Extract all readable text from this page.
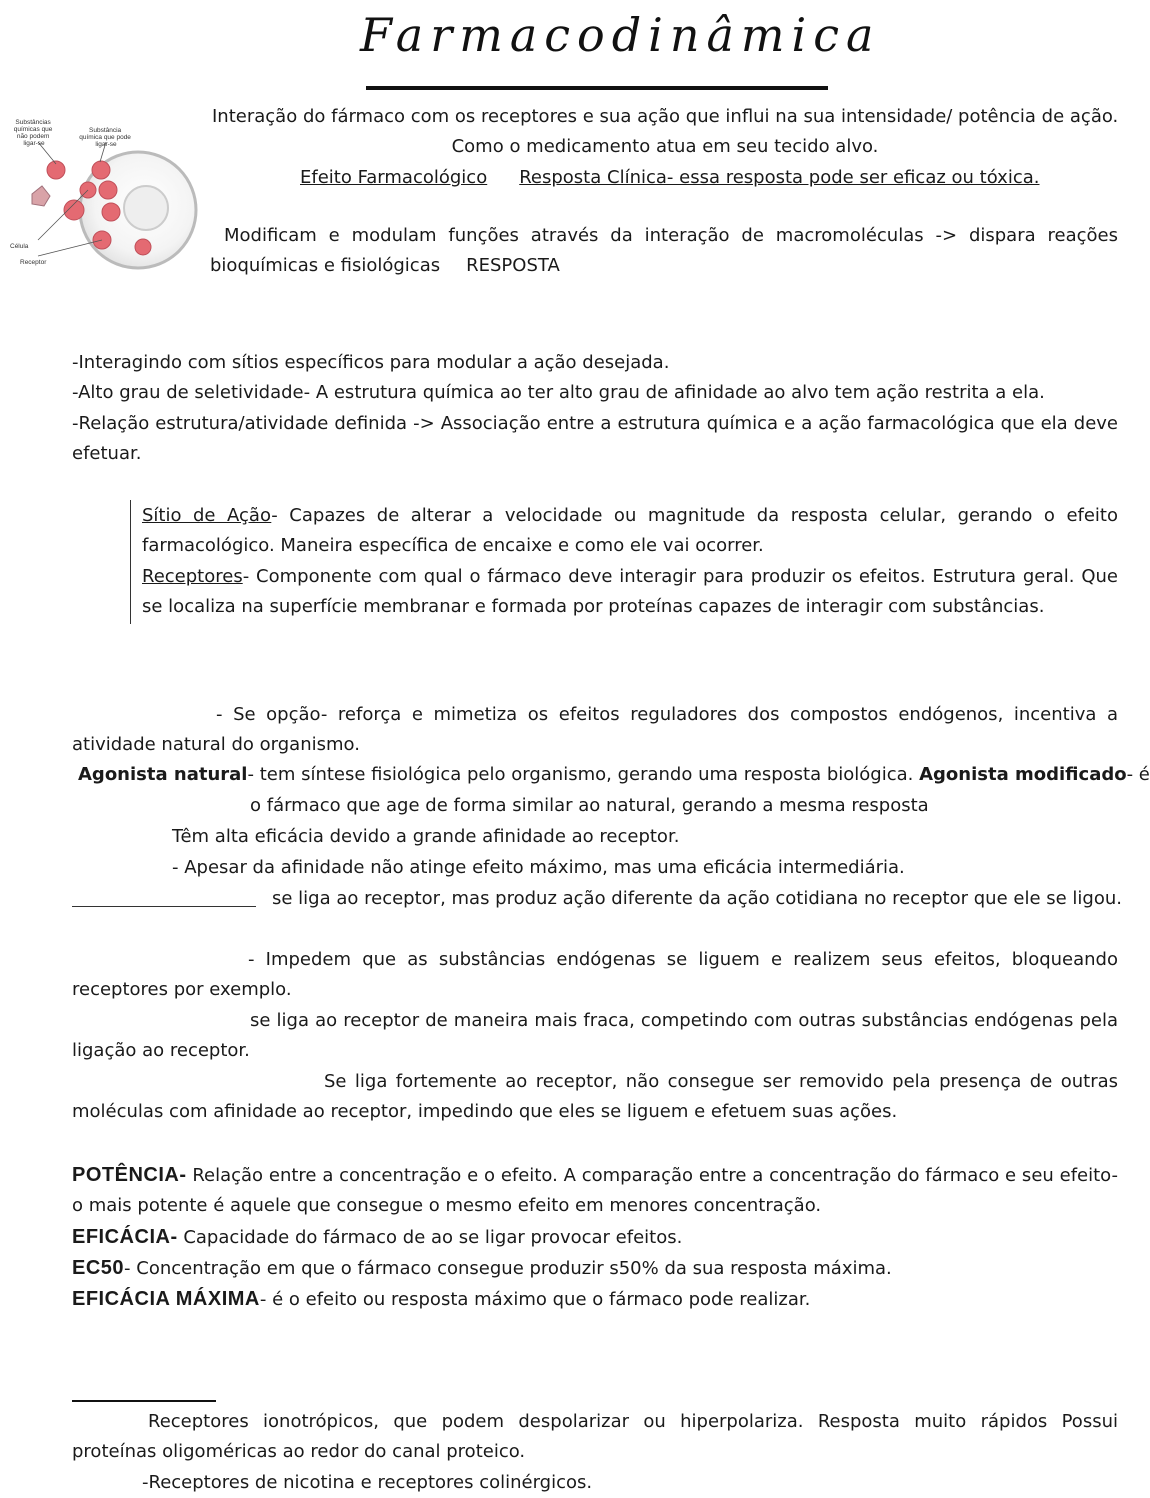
Farmacodinâmica
Substâncias químicas que não podem ligar-se
Substância química que pode ligar-se
Célula
Receptor
Interação do fármaco com os receptores e sua ação que influi na sua intensidade/ potência de ação.
Como o medicamento atua em seu tecido alvo.
Efeito Farmacológico Resposta Clínica- essa resposta pode ser eficaz ou tóxica.
Modificam e modulam funções através da interação de macromoléculas -> dispara reações bioquímicas e fisiológicas RESPOSTA
-Interagindo com sítios específicos para modular a ação desejada.
-Alto grau de seletividade- A estrutura química ao ter alto grau de afinidade ao alvo tem ação restrita a ela.
-Relação estrutura/atividade definida -> Associação entre a estrutura química e a ação farmacológica que ela deve efetuar.
Sítio de Ação- Capazes de alterar a velocidade ou magnitude da resposta celular, gerando o efeito farmacológico. Maneira específica de encaixe e como ele vai ocorrer.
Receptores- Componente com qual o fármaco deve interagir para produzir os efeitos. Estrutura geral. Que se localiza na superfície membranar e formada por proteínas capazes de interagir com substâncias.
- Se opção- reforça e mimetiza os efeitos reguladores dos compostos endógenos, incentiva a atividade natural do organismo.
Agonista natural- tem síntese fisiológica pelo organismo, gerando uma resposta biológica. Agonista modificado- é
o fármaco que age de forma similar ao natural, gerando a mesma resposta
Têm alta eficácia devido a grande afinidade ao receptor.
- Apesar da afinidade não atinge efeito máximo, mas uma eficácia intermediária.
se liga ao receptor, mas produz ação diferente da ação cotidiana no receptor que ele se ligou.
- Impedem que as substâncias endógenas se liguem e realizem seus efeitos, bloqueando receptores por exemplo.
se liga ao receptor de maneira mais fraca, competindo com outras substâncias endógenas pela ligação ao receptor.
Se liga fortemente ao receptor, não consegue ser removido pela presença de outras moléculas com afinidade ao receptor, impedindo que eles se liguem e efetuem suas ações.
POTÊNCIA- Relação entre a concentração e o efeito. A comparação entre a concentração do fármaco e seu efeito- o mais potente é aquele que consegue o mesmo efeito em menores concentração.
EFICÁCIA- Capacidade do fármaco de ao se ligar provocar efeitos.
EC50- Concentração em que o fármaco consegue produzir s50% da sua resposta máxima.
EFICÁCIA MÁXIMA- é o efeito ou resposta máximo que o fármaco pode realizar.
Receptores ionotrópicos, que podem despolarizar ou hiperpolariza. Resposta muito rápidos Possui proteínas oligoméricas ao redor do canal proteico.
-Receptores de nicotina e receptores colinérgicos.
